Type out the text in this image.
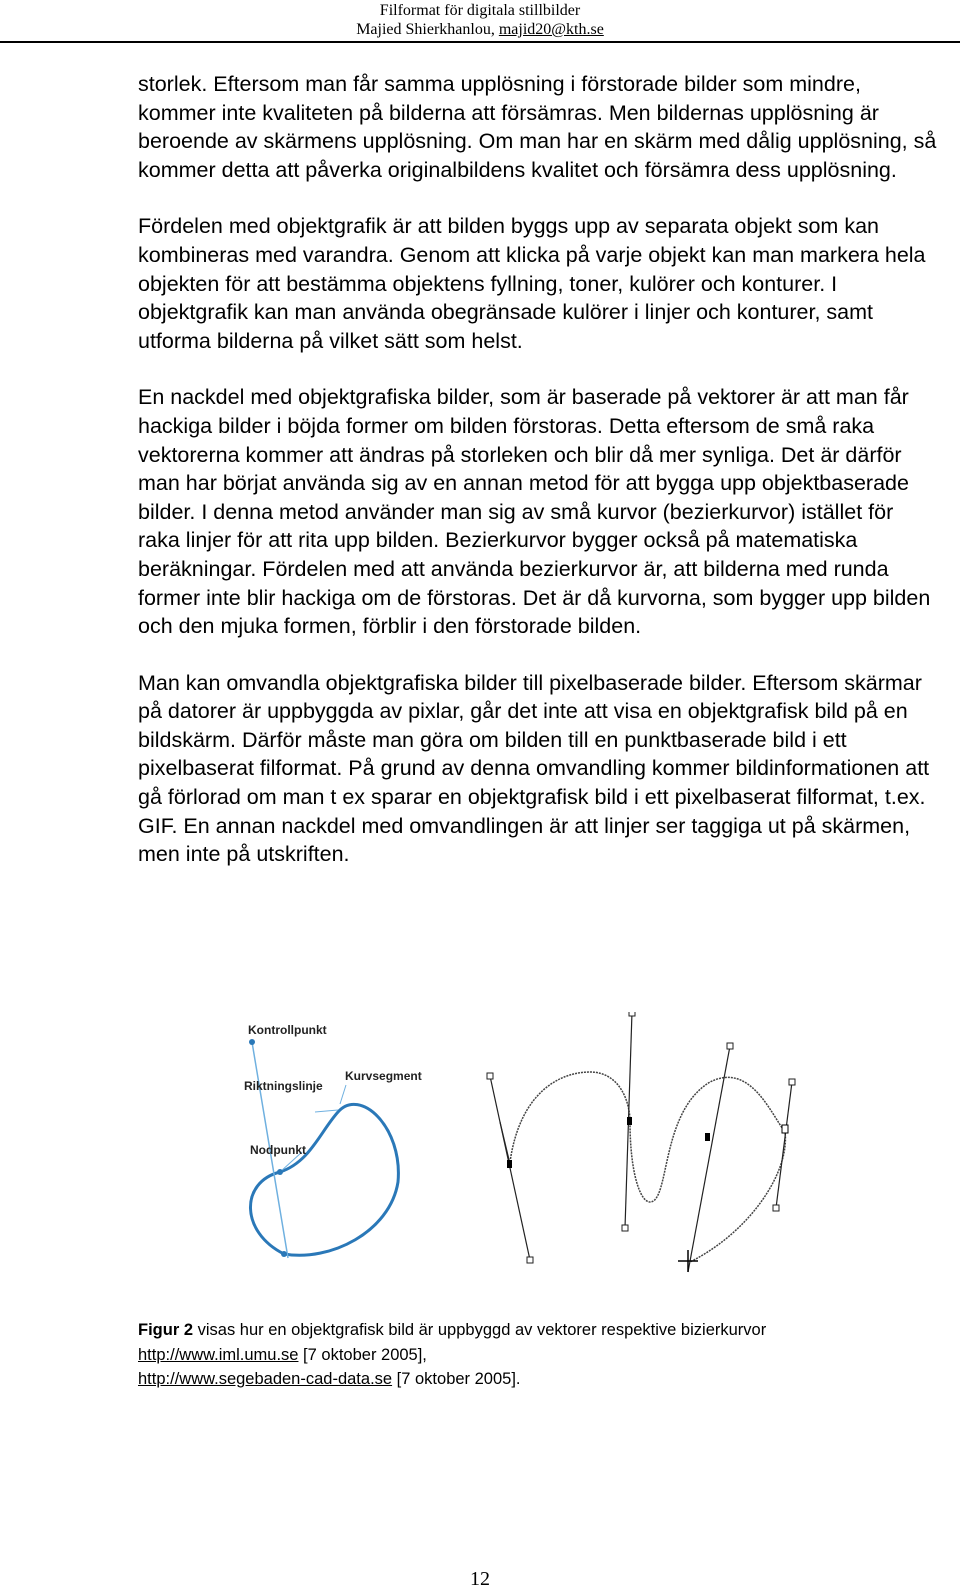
Filformat för digitala stillbilder
Majied Shierkhanlou, majid20@kth.se

storlek. Eftersom man får samma upplösning i förstorade bilder som mindre, kommer inte kvaliteten på bilderna att försämras. Men bildernas upplösning är beroende av skärmens upplösning. Om man har en skärm med dålig upplösning, så kommer detta att påverka originalbildens kvalitet och försämra dess upplösning.

Fördelen med objektgrafik är att bilden byggs upp av separata objekt som kan kombineras med varandra. Genom att klicka på varje objekt kan man markera hela objekten för att bestämma objektens fyllning, toner, kulörer och konturer. I objektgrafik kan man använda obegränsade kulörer i linjer och konturer, samt utforma bilderna på vilket sätt som helst.

En nackdel med objektgrafiska bilder, som är baserade på vektorer är att man får hackiga bilder i böjda former om bilden förstoras. Detta eftersom de små raka vektorerna kommer att ändras på storleken och blir då mer synliga. Det är därför man har börjat använda sig av en annan metod för att bygga upp objektbaserade bilder. I denna metod använder man sig av små kurvor (bezierkurvor) istället för raka linjer för att rita upp bilden. Bezierkurvor bygger också på matematiska beräkningar. Fördelen med att använda bezierkurvor är, att bilderna med runda former inte blir hackiga om de förstoras. Det är då kurvorna, som bygger upp bilden och den mjuka formen, förblir i den förstorade bilden.

Man kan omvandla objektgrafiska bilder till pixelbaserade bilder. Eftersom skärmar på datorer är uppbyggda av pixlar, går det inte att visa en objektgrafisk bild på en bildskärm. Därför måste man göra om bilden till en punktbaserade bild i ett pixelbaserat filformat. På grund av denna omvandling kommer bildinformationen att gå förlorad om man t ex sparar en objektgrafisk bild i ett pixelbaserat filformat, t.ex. GIF. En annan nackdel med omvandlingen är att linjer ser taggiga ut på skärmen, men inte på utskriften.

Kontrollpunkt
Riktningslinje
Kurvsegment
Nodpunkt
Figur 2 visas hur en objektgrafisk bild är uppbyggd av vektorer respektive bizierkurvor
http://www.iml.umu.se [7 oktober 2005],
http://www.segebaden-cad-data.se [7 oktober 2005].
12
